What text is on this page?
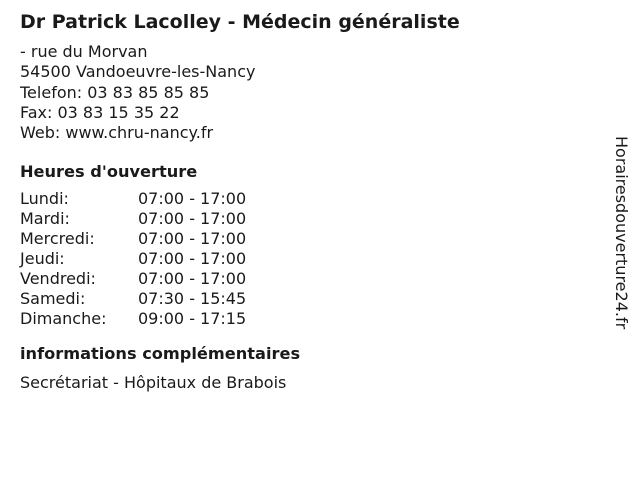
Dr Patrick Lacolley - Médecin généraliste
- rue du Morvan
54500 Vandoeuvre-les-Nancy
Telefon: 03 83 85 85 85
Fax: 03 83 15 35 22
Web: www.chru-nancy.fr
Heures d'ouverture
Lundi:	07:00 - 17:00
Mardi:	07:00 - 17:00
Mercredi:	07:00 - 17:00
Jeudi:	07:00 - 17:00
Vendredi:	07:00 - 17:00
Samedi:	07:30 - 15:45
Dimanche:	09:00 - 17:15
informations complémentaires
Secrétariat - Hôpitaux de Brabois
Horairesdouverture24.fr
